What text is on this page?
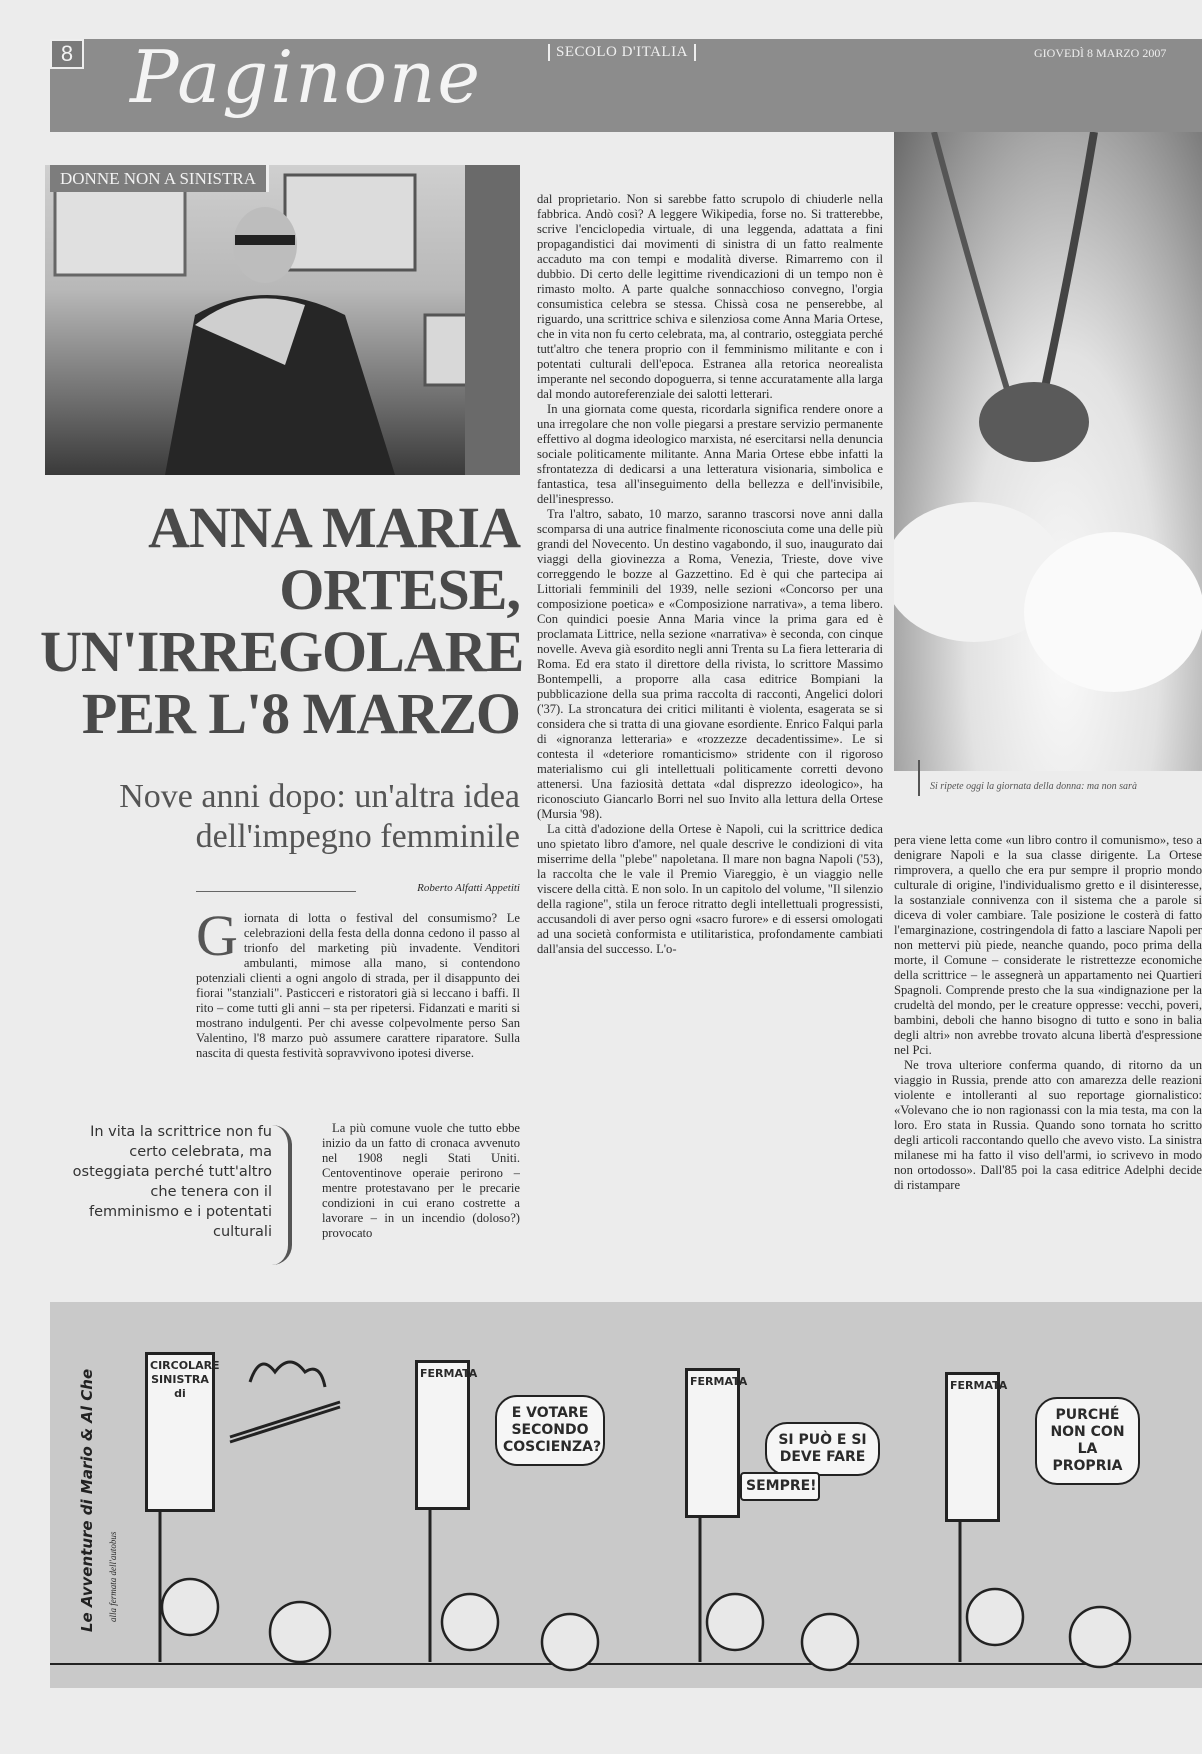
8 Paginone	SECOLO D'ITALIA	GIOVEDÌ 8 MARZO 2007
DONNE NON A SINISTRA
Si ripete oggi la giornata della donna: ma non sarà
ANNA MARIA ORTESE, UN'IRREGOLARE PER L'8 MARZO
Nove anni dopo: un'altra idea dell'impegno femminile
Roberto Alfatti Appetiti
G iornata di lotta o festival del consumismo? Le celebrazioni della festa della donna cedono il passo al trionfo del marketing più invadente. Venditori ambulanti, mimose alla mano, si contendono potenziali clienti a ogni angolo di strada, per il disappunto dei fiorai "stanziali". Pasticceri e ristoratori già si leccano i baffi. Il rito – come tutti gli anni – sta per ripetersi. Fidanzati e mariti si mostrano indulgenti. Per chi avesse colpevolmente perso San Valentino, l'8 marzo può assumere carattere riparatore. Sulla nascita di questa festività sopravvivono ipotesi diverse.

La più comune vuole che tutto ebbe inizio da un fatto di cronaca avvenuto nel 1908 negli Stati Uniti. Centoventinove operaie perirono – mentre protestavano per le precarie condizioni in cui erano costrette a lavorare – in un incendio (doloso?) provocato

In vita la scrittrice non fu certo celebrata, ma osteggiata perché tutt'altro che tenera con il femminismo e i potentati culturali

dal proprietario. Non si sarebbe fatto scrupolo di chiuderle nella fabbrica. Andò così? A leggere Wikipedia, forse no. Si tratterebbe, scrive l'enciclopedia virtuale, di una leggenda, adattata a fini propagandistici dai movimenti di sinistra di un fatto realmente accaduto ma con tempi e modalità diverse. Rimarremo con il dubbio. Di certo delle legittime rivendicazioni di un tempo non è rimasto molto. A parte qualche sonnacchioso convegno, l'orgia consumistica celebra se stessa. Chissà cosa ne penserebbe, al riguardo, una scrittrice schiva e silenziosa come Anna Maria Ortese, che in vita non fu certo celebrata, ma, al contrario, osteggiata perché tutt'altro che tenera proprio con il femminismo militante e con i potentati culturali dell'epoca. Estranea alla retorica neorealista imperante nel secondo dopoguerra, si tenne accuratamente alla larga dal mondo autoreferenziale dei salotti letterari.

In una giornata come questa, ricordarla significa rendere onore a una irregolare che non volle piegarsi a prestare servizio permanente effettivo al dogma ideologico marxista, né esercitarsi nella denuncia sociale politicamente militante. Anna Maria Ortese ebbe infatti la sfrontatezza di dedicarsi a una letteratura visionaria, simbolica e fantastica, tesa all'inseguimento della bellezza e dell'invisibile, dell'inespresso.

Tra l'altro, sabato, 10 marzo, saranno trascorsi nove anni dalla scomparsa di una autrice finalmente riconosciuta come una delle più grandi del Novecento. Un destino vagabondo, il suo, inaugurato dai viaggi della giovinezza a Roma, Venezia, Trieste, dove vive correggendo le bozze al Gazzettino. Ed è qui che partecipa ai Littoriali femminili del 1939, nelle sezioni «Concorso per una composizione poetica» e «Composizione narrativa», a tema libero. Con quindici poesie Anna Maria vince la prima gara ed è proclamata Littrice, nella sezione «narrativa» è seconda, con cinque novelle. Aveva già esordito negli anni Trenta su La fiera letteraria di Roma. Ed era stato il direttore della rivista, lo scrittore Massimo Bontempelli, a proporre alla casa editrice Bompiani la pubblicazione della sua prima raccolta di racconti, Angelici dolori ('37). La stroncatura dei critici militanti è violenta, esagerata se si considera che si tratta di una giovane esordiente. Enrico Falqui parla di «ignoranza letteraria» e «rozzezze decadentissime». Le si contesta il «deteriore romanticismo» stridente con il rigoroso materialismo cui gli intellettuali politicamente corretti devono attenersi. Una faziosità dettata «dal disprezzo ideologico», ha riconosciuto Giancarlo Borri nel suo Invito alla lettura della Ortese (Mursia '98).

La città d'adozione della Ortese è Napoli, cui la scrittrice dedica uno spietato libro d'amore, nel quale descrive le condizioni di vita miserrime della "plebe" napoletana. Il mare non bagna Napoli ('53), la raccolta che le vale il Premio Viareggio, è un viaggio nelle viscere della città. E non solo. In un capitolo del volume, "Il silenzio della ragione", stila un feroce ritratto degli intellettuali progressisti, accusandoli di aver perso ogni «sacro furore» e di essersi omologati ad una società conformista e utilitaristica, profondamente cambiati dall'ansia del successo. L'o-

pera viene letta come «un libro contro il comunismo», teso a denigrare Napoli e la sua classe dirigente. La Ortese rimprovera, a quello che era pur sempre il proprio mondo culturale di origine, l'individualismo gretto e il disinteresse, la sostanziale connivenza con il sistema che a parole si diceva di voler cambiare. Tale posizione le costerà di fatto l'emarginazione, costringendola di fatto a lasciare Napoli per non mettervi più piede, neanche quando, poco prima della morte, il Comune – considerate le ristrettezze economiche della scrittrice – le assegnerà un appartamento nei Quartieri Spagnoli. Comprende presto che la sua «indignazione per la crudeltà del mondo, per le creature oppresse: vecchi, poveri, bambini, deboli che hanno bisogno di tutto e sono in balia degli altri» non avrebbe trovato alcuna libertà d'espressione nel Pci.

Ne trova ulteriore conferma quando, di ritorno da un viaggio in Russia, prende atto con amarezza delle reazioni violente e intolleranti al suo reportage giornalistico: «Volevano che io non ragionassi con la mia testa, ma con la loro. Ero stata in Russia. Quando sono tornata ho scritto degli articoli raccontando quello che avevo visto. La sinistra milanese mi ha fatto il viso dell'armi, io scrivevo in modo non ortodosso». Dall'85 poi la casa editrice Adelphi decide di ristampare

Le Avventure di Mario & Al Che alla fermata dell'autobus
CIRCOLARE SINISTRA di
FERMATA
FERMATA	FERMATA
E VOTARE SECONDO COSCIENZA?	SI PUÒ E SI DEVE FARE
SEMPRE!
PURCHÉ NON CON LA PROPRIA
